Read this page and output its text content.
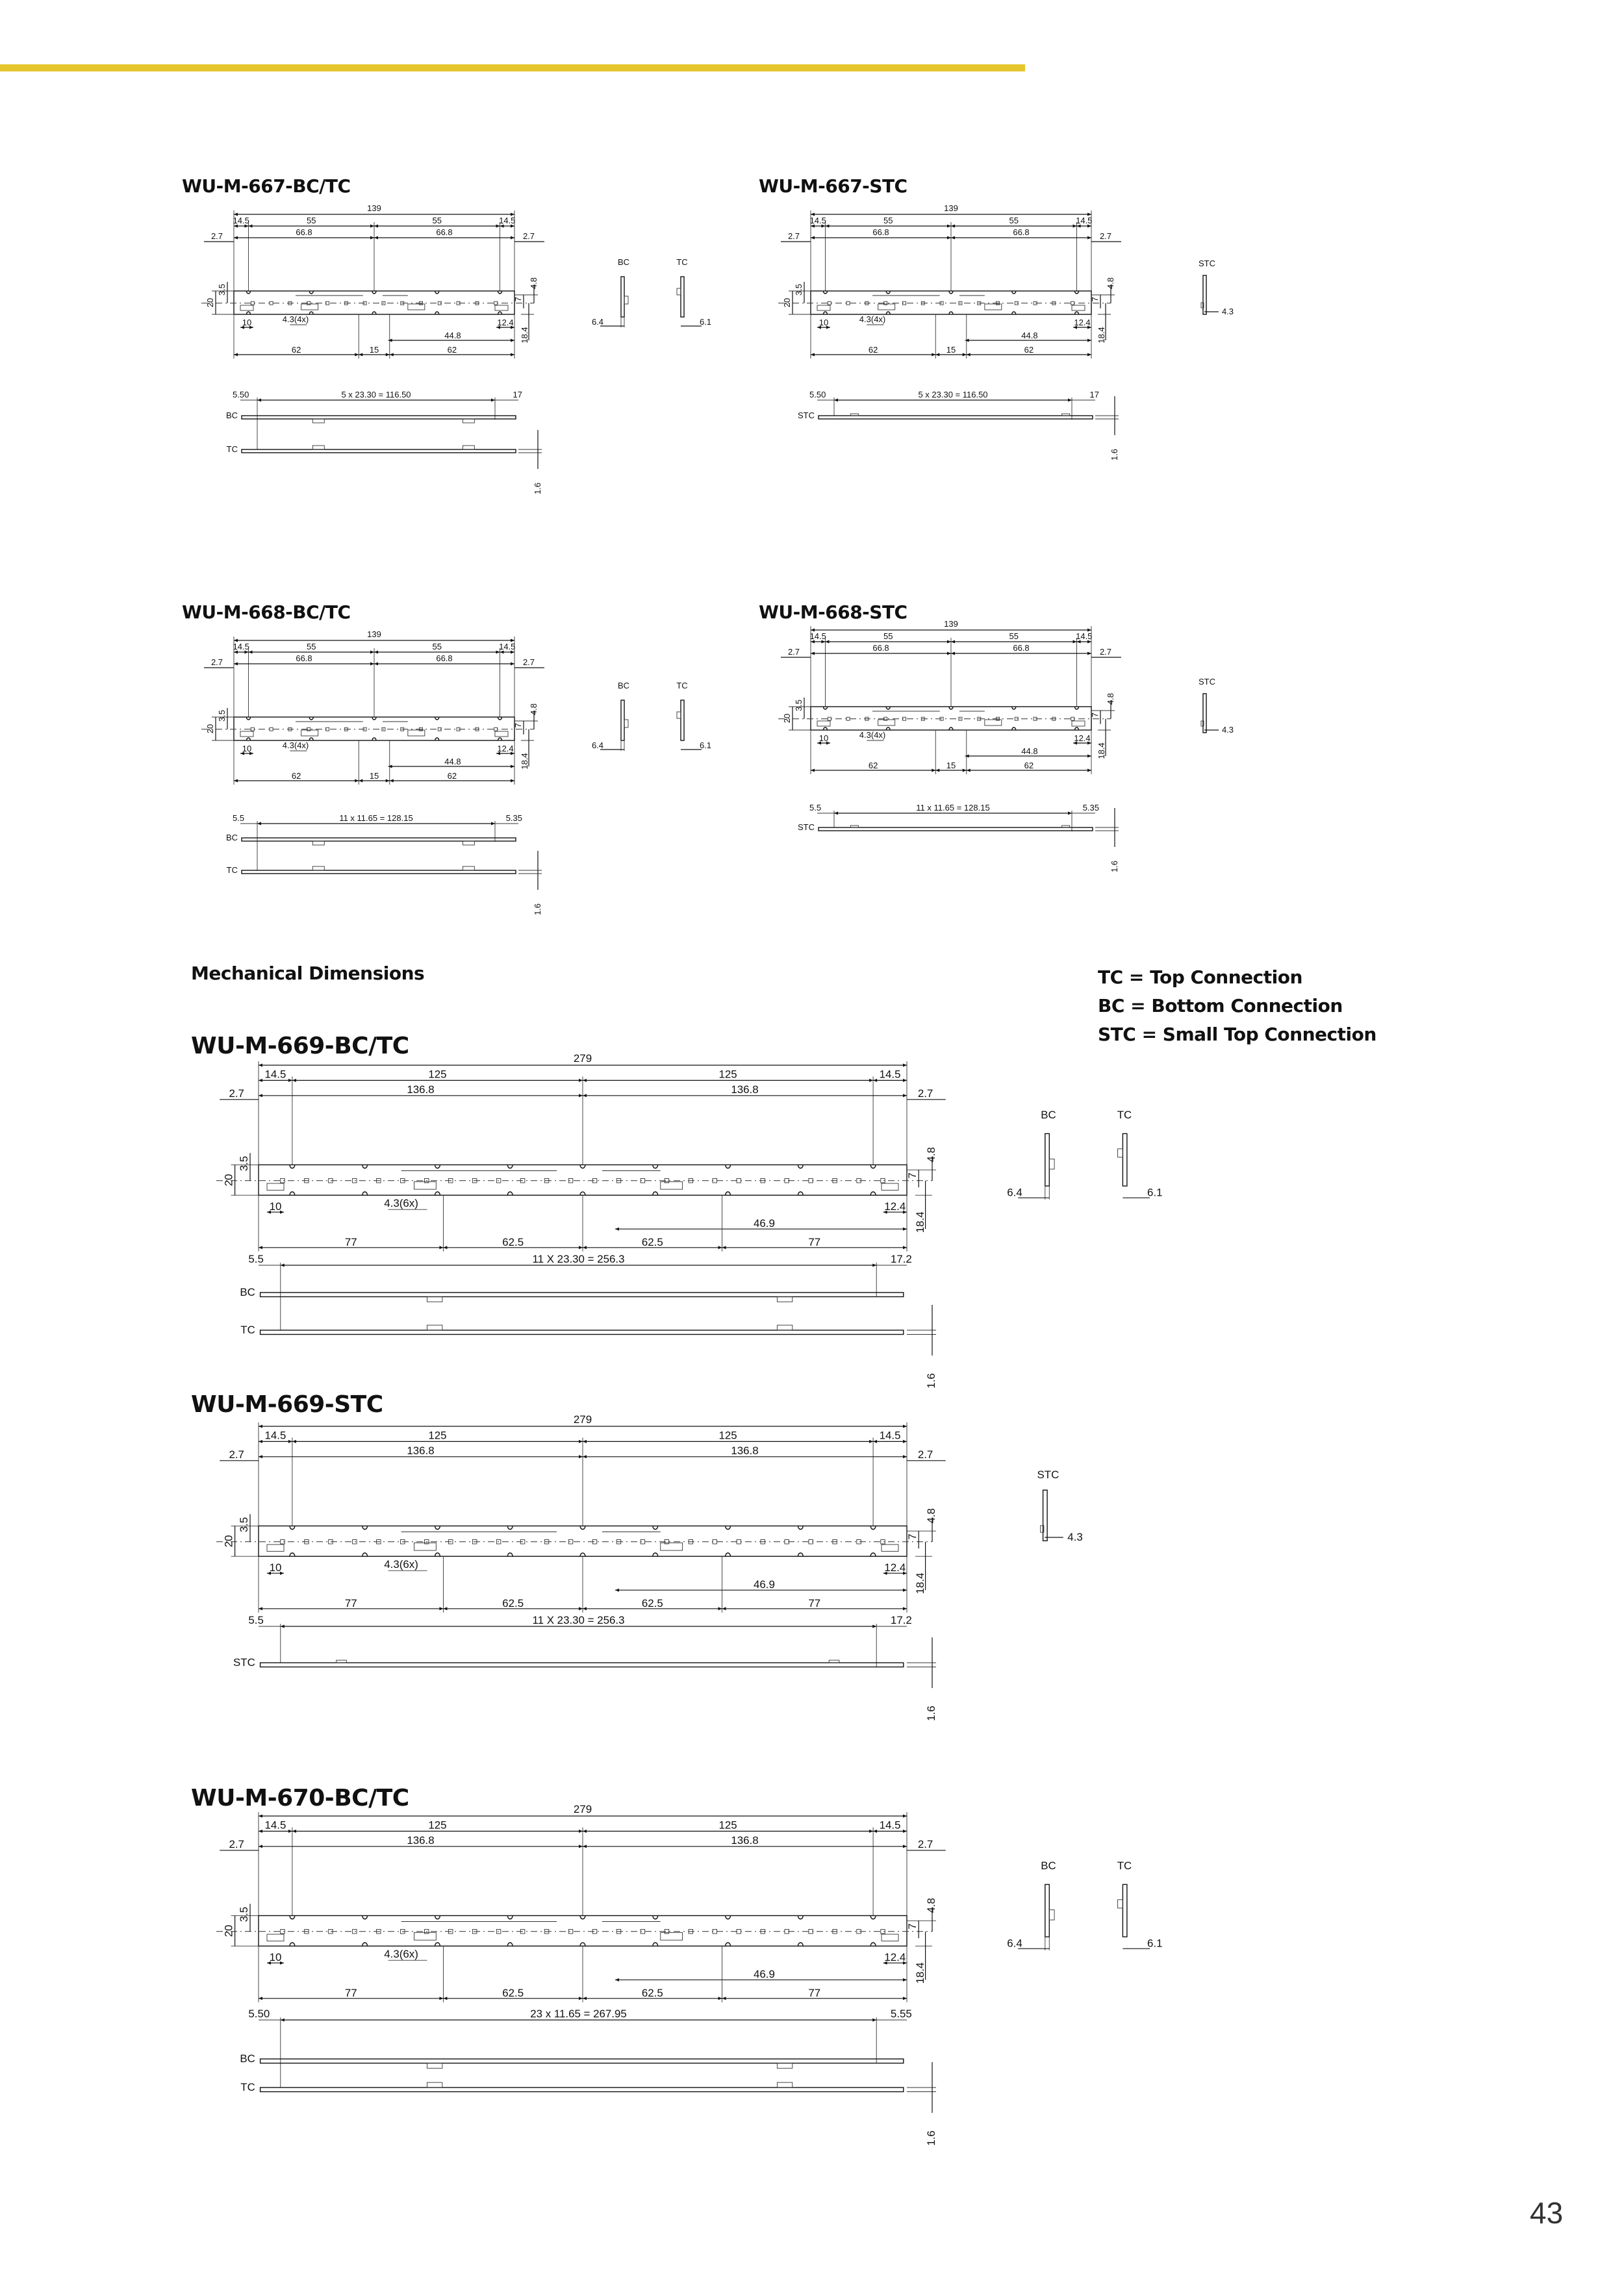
WU-M-667-BC/TC	WU-M-667-STC
WU-M-668-BC/TC	WU-M-668-STC
Mechanical Dimensions
WU-M-669-BC/TC
WU-M-669-STC
WU-M-670-BC/TC
TC = Top Connection
BC = Bottom Connection
STC = Small Top Connection
43
139
14.5	55	55	14.5
66.8	66.8
2.7	2.7
20
3.5
7
4.8
10	4.3(4x)	12.4
44.8	18.4
62	15	62
5.50	5 x 23.30 = 116.50	17
BC
TC
1.6
BC	TC
6.4	6.1
139
14.5	55	55	14.5
66.8	66.8
2.7	2.7
20
3.5
7
4.8
10	4.3(4x)	12.4
44.8	18.4
62	15	62
5.50	5 x 23.30 = 116.50	17
STC
1.6
STC
4.3
139
14.5	55	55	14.5
66.8	66.8
2.7	2.7
20
3.5
7
4.8
10	4.3(4x)	12.4
44.8	18.4
62	15	62
5.5	11 x 11.65 = 128.15	5.35
BC
TC
1.6
BC	TC
6.4	6.1
139
14.5	55	55	14.5
66.8	66.8
2.7	2.7
20
3.5
7
4.8
10	4.3(4x)	12.4
44.8	18.4
62	15	62
5.5	11 x 11.65 = 128.15	5.35
STC
1.6
STC
4.3
279
14.5	125	125	14.5
136.8	136.8
2.7	2.7
20
3.5
7
4.8
10	4.3(6x)	12.4
46.9	18.4
77	62.5	62.5	77
5.5	11 X 23.30 = 256.3	17.2
BC
TC
1.6
BC	TC
6.4	6.1
279
14.5	125	125	14.5
136.8	136.8
2.7	2.7
20
3.5
7
4.8
10	4.3(6x)	12.4
46.9	18.4
77	62.5	62.5	77
5.5	11 X 23.30 = 256.3	17.2
STC
1.6
STC
4.3
279
14.5	125	125	14.5
136.8	136.8
2.7	2.7
20
3.5
7
4.8
10	4.3(6x)	12.4
46.9	18.4
77	62.5	62.5	77
5.50	23 x 11.65 = 267.95	5.55
BC
TC
1.6
BC	TC
6.4	6.1
